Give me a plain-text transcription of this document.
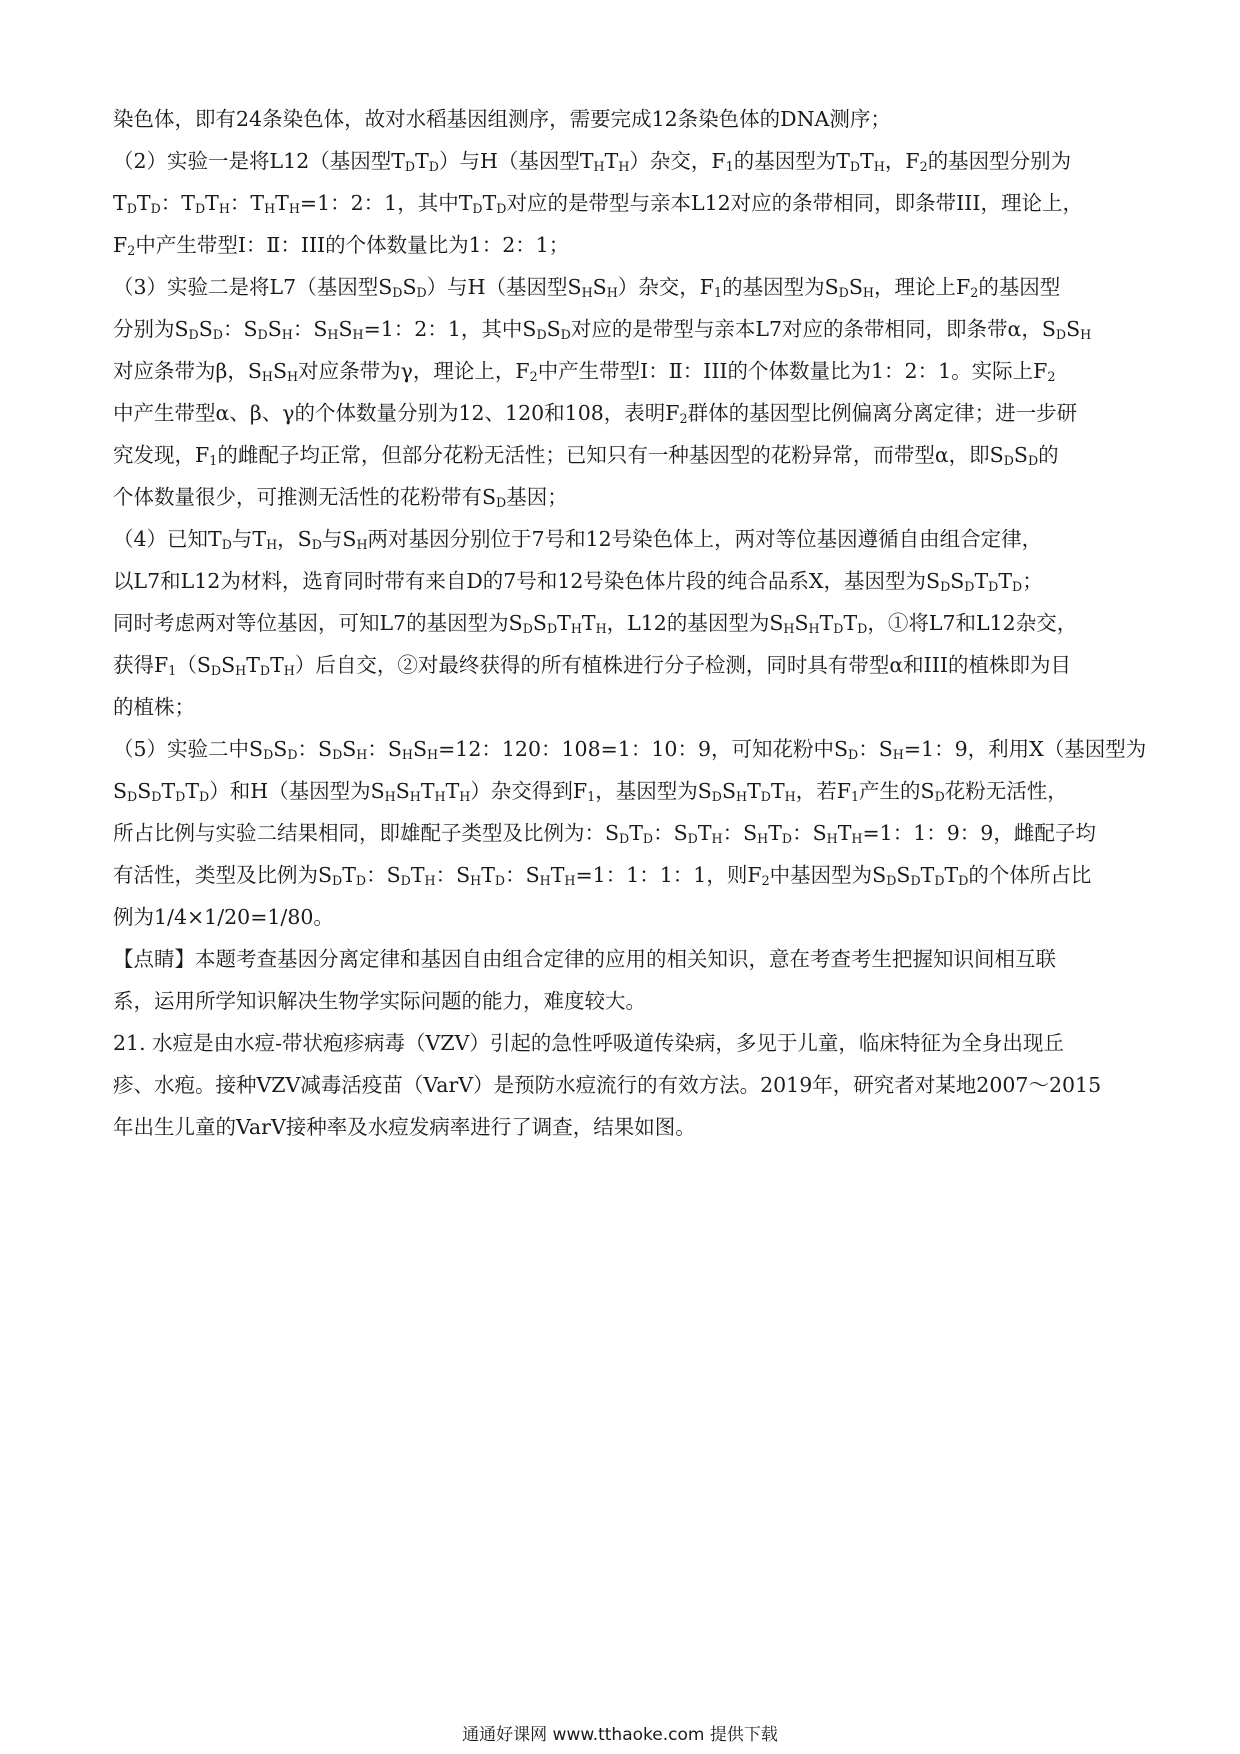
染色体，即有24条染色体，故对水稻基因组测序，需要完成12条染色体的DNA测序；
（2）实验一是将L12（基因型$T_DT_D$）与H（基因型$T_HT_H$）杂交，$F_1$的基因型为$T_DT_H$，$F_2$的基因型分别为
$T_DT_D$：$T_DT_H$：$T_HT_H=1$：2：1，其中$T_DT_D$对应的是带型与亲本L12对应的条带相同，即条带III，理论上，
$F_2$中产生带型Ⅰ：Ⅱ：III的个体数量比为1：2：1；
（3）实验二是将L7（基因型$S_DS_D$）与H（基因型$S_HS_H$）杂交，$F_1$的基因型为$S_DS_H$，理论上$F_2$的基因型
分别为$S_DS_D$：$S_DS_H$：$S_HS_H=1$：2：1，其中$S_DS_D$对应的是带型与亲本L7对应的条带相同，即条带α，$S_DS_H$
对应条带为β，$S_HS_H$对应条带为γ，理论上，$F_2$中产生带型Ⅰ：Ⅱ：III的个体数量比为1：2：1。实际上$F_2$
中产生带型α、β、γ的个体数量分别为12、120和108，表明$F_2$群体的基因型比例偏离分离定律；进一步研
究发现，$F_1$的雌配子均正常，但部分花粉无活性；已知只有一种基因型的花粉异常，而带型α，即$S_DS_D$的
个体数量很少，可推测无活性的花粉带有$S_D$基因；
（4）已知$T_D$与$T_H$，$S_D$与$S_H$两对基因分别位于7号和12号染色体上，两对等位基因遵循自由组合定律，
以L7和L12为材料，选育同时带有来自D的7号和12号染色体片段的纯合品系X，基因型为$S_DS_DT_DT_D$；
同时考虑两对等位基因，可知L7的基因型为$S_DS_DT_HT_H$，L12的基因型为$S_HS_HT_DT_D$，①将L7和L12杂交，
获得$F_1(S_DS_HT_DT_H)$后自交，②对最终获得的所有植株进行分子检测，同时具有带型α和III的植株即为目
的植株；
（5）实验二中$S_DS_D$：$S_DS_H$：$S_HS_H=12$：120：108=1：10：9，可知花粉中$S_D$：$S_H=1$：9，利用X（基因型为
$S_DS_DT_DT_D$）和H（基因型为$S_HS_HT_HT_H$）杂交得到$F_1$，基因型为$S_DS_HT_DT_H$，若$F_1$产生的$S_D$花粉无活性，
所占比例与实验二结果相同，即雄配子类型及比例为：$S_DT_D$：$S_DT_H$：$S_HT_D$：$S_HT_H=1$：1：9：9，雌配子均
有活性，类型及比例为$S_DT_D$：$S_DT_H$：$S_HT_D$：$S_HT_H=1$：1：1：1，则$F_2$中基因型为$S_DS_DT_DT_D$的个体所占比
例为1/4×1/20=1/80。
【点睛】本题考查基因分离定律和基因自由组合定律的应用的相关知识，意在考查考生把握知识间相互联
系，运用所学知识解决生物学实际问题的能力，难度较大。
21. 水痘是由水痘-带状疱疹病毒（VZV）引起的急性呼吸道传染病，多见于儿童，临床特征为全身出现丘
疹、水疱。接种VZV减毒活疫苗（VarV）是预防水痘流行的有效方法。2019年，研究者对某地2007～2015
年出生儿童的VarV接种率及水痘发病率进行了调查，结果如图。
通通好课网 www.tthaoke.com 提供下载
